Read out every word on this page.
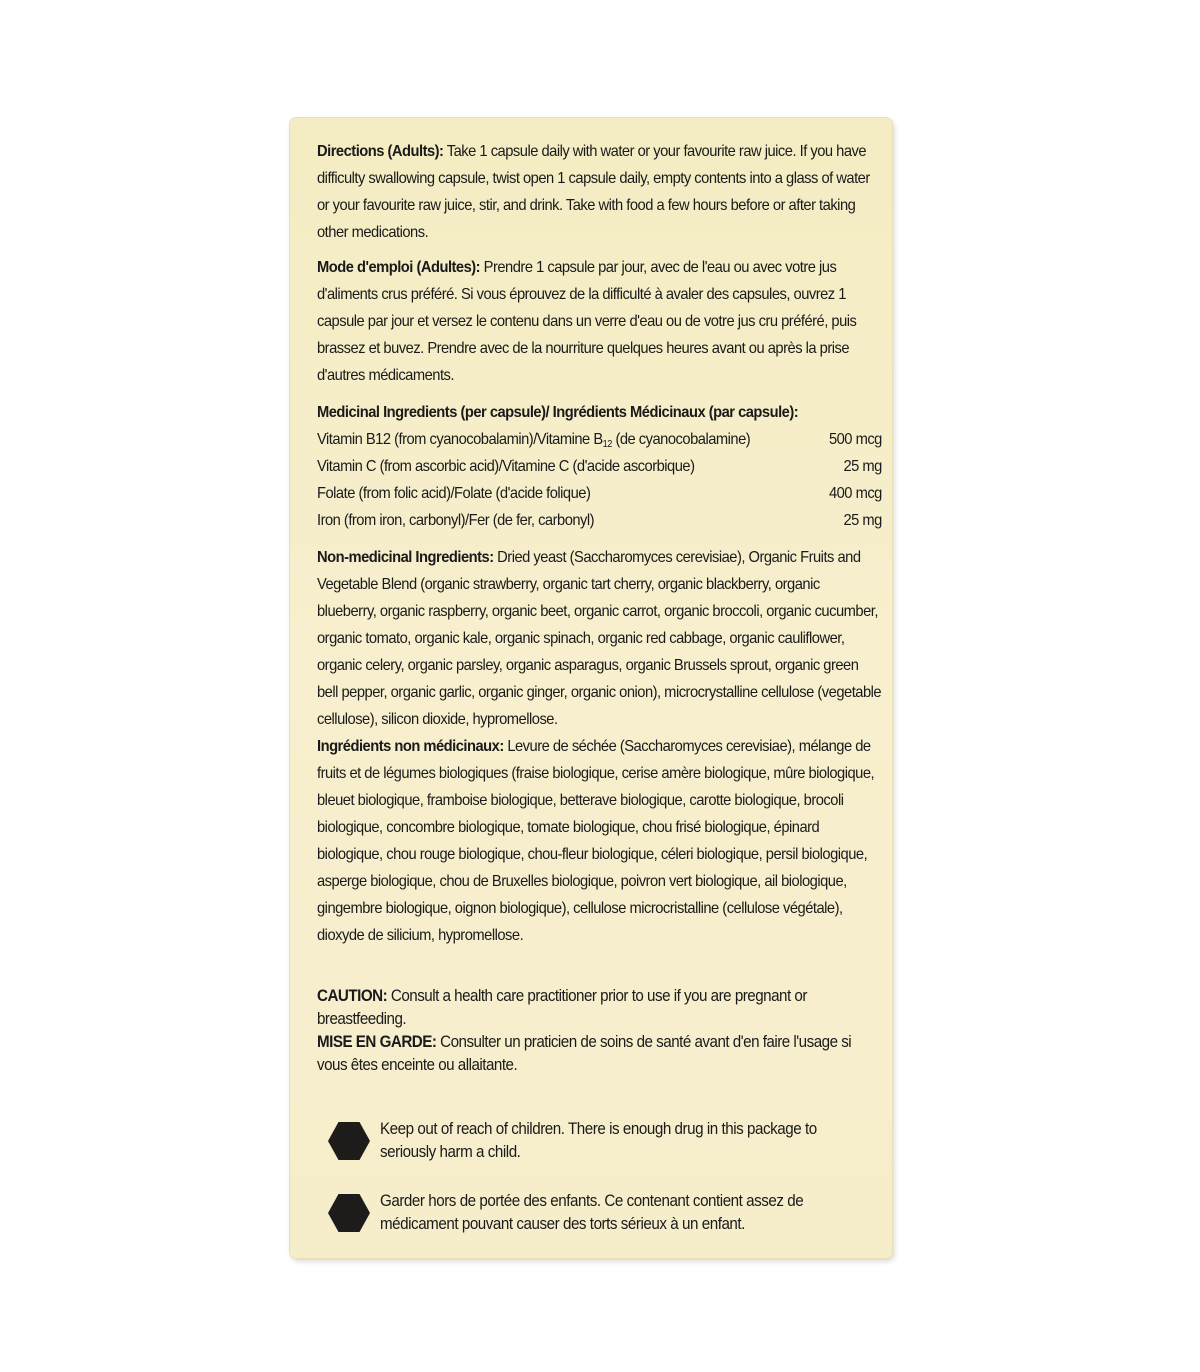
Directions (Adults): Take 1 capsule daily with water or your favourite raw juice. If you have difficulty swallowing capsule, twist open 1 capsule daily, empty contents into a glass of water or your favourite raw juice, stir, and drink. Take with food a few hours before or after taking other medications.

Mode d'emploi (Adultes): Prendre 1 capsule par jour, avec de l'eau ou avec votre jus d'aliments crus préféré. Si vous éprouvez de la difficulté à avaler des capsules, ouvrez 1 capsule par jour et versez le contenu dans un verre d'eau ou de votre jus cru préféré, puis brassez et buvez. Prendre avec de la nourriture quelques heures avant ou après la prise d'autres médicaments.

Medicinal Ingredients (per capsule)/ Ingrédients Médicinaux (par capsule):

Vitamin B12 (from cyanocobalamin)/Vitamine $B_{12}$ (de cyanocobalamine)	500 mcg
Vitamin C (from ascorbic acid)/Vitamine C (d'acide ascorbique)	25 mg
Folate (from folic acid)/Folate (d'acide folique)	400 mcg
Iron (from iron, carbonyl)/Fer (de fer, carbonyl)	25 mg

Non-medicinal Ingredients: Dried yeast (Saccharomyces cerevisiae), Organic Fruits and Vegetable Blend (organic strawberry, organic tart cherry, organic blackberry, organic blueberry, organic raspberry, organic beet, organic carrot, organic broccoli, organic cucumber, organic tomato, organic kale, organic spinach, organic red cabbage, organic cauliflower, organic celery, organic parsley, organic asparagus, organic Brussels sprout, organic green bell pepper, organic garlic, organic ginger, organic onion), microcrystalline cellulose (vegetable cellulose), silicon dioxide, hypromellose.

Ingrédients non médicinaux: Levure de séchée (Saccharomyces cerevisiae), mélange de fruits et de légumes biologiques (fraise biologique, cerise amère biologique, mûre biologique, bleuet biologique, framboise biologique, betterave biologique, carotte biologique, brocoli biologique, concombre biologique, tomate biologique, chou frisé biologique, épinard biologique, chou rouge biologique, chou-fleur biologique, céleri biologique, persil biologique, asperge biologique, chou de Bruxelles biologique, poivron vert biologique, ail biologique, gingembre biologique, oignon biologique), cellulose microcristalline (cellulose végétale), dioxyde de silicium, hypromellose.

CAUTION: Consult a health care practitioner prior to use if you are pregnant or breastfeeding.

MISE EN GARDE: Consulter un praticien de soins de santé avant d'en faire l'usage si vous êtes enceinte ou allaitante.

Keep out of reach of children. There is enough drug in this package to seriously harm a child.
Garder hors de portée des enfants. Ce contenant contient assez de médicament pouvant causer des torts sérieux à un enfant.
